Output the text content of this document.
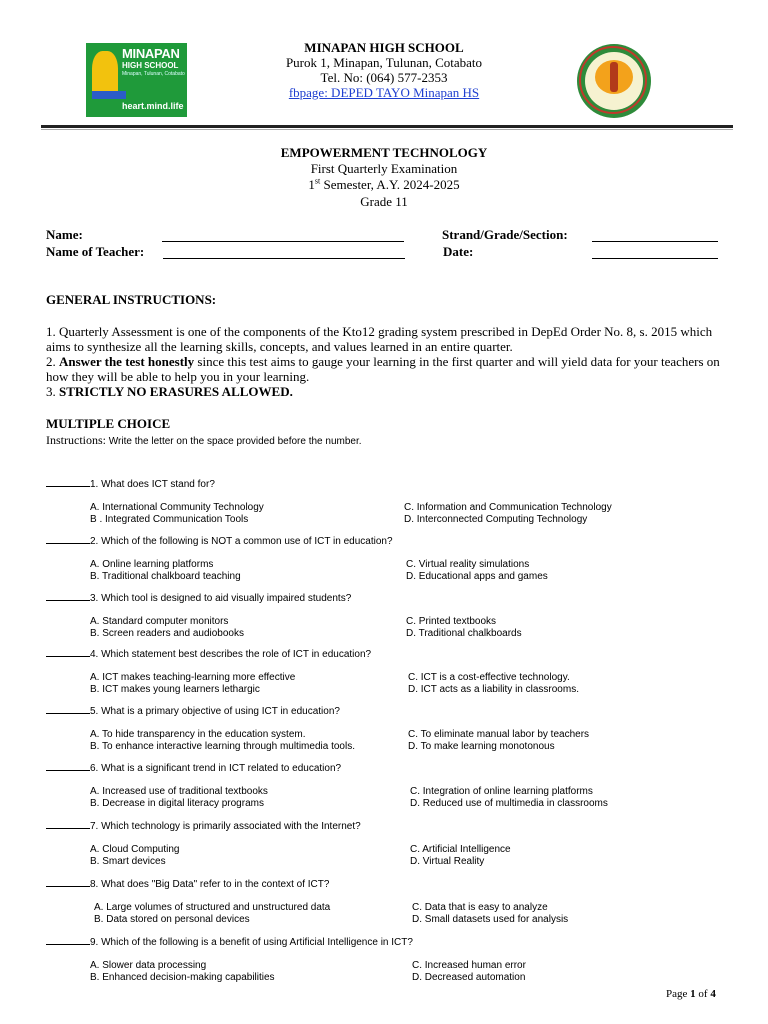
MINAPAN
HIGH SCHOOL
Minapan, Tulunan, Cotabato
heart.mind.life
MINAPAN HIGH SCHOOL
Purok 1, Minapan, Tulunan, Cotabato
Tel. No: (064) 577-2353
fbpage: DEPED TAYO Minapan HS
EMPOWERMENT TECHNOLOGY
First Quarterly Examination
1st Semester, A.Y. 2024-2025
Grade 11
Name:
Name of Teacher:
Strand/Grade/Section:
Date:
GENERAL INSTRUCTIONS:
1. Quarterly Assessment is one of the components of the Kto12 grading system prescribed in DepEd Order No. 8, s. 2015 which aims to synthesize all the learning skills, concepts, and values learned in an entire quarter.
2. Answer the test honestly since this test aims to gauge your learning in the first quarter and will yield data for your teachers on how they will be able to help you in your learning.
3. STRICTLY NO ERASURES ALLOWED.
MULTIPLE CHOICE
Instructions: Write the letter on the space provided before the number.
1. What does ICT stand for?
A. International Community Technology
B . Integrated Communication Tools
C. Information and Communication Technology
D. Interconnected Computing Technology
2. Which of the following is NOT a common use of ICT in education?
A. Online learning platforms
B. Traditional chalkboard teaching
C. Virtual reality simulations
D. Educational apps and games
3. Which tool is designed to aid visually impaired students?
A. Standard computer monitors
B. Screen readers and audiobooks
C. Printed textbooks
D. Traditional chalkboards
4. Which statement best describes the role of ICT in education?
A. ICT makes teaching-learning more effective
B. ICT makes young learners lethargic
C. ICT is a cost-effective technology.
D. ICT acts as a liability in classrooms.
5. What is a primary objective of using ICT in education?
A. To hide transparency in the education system.
B. To enhance interactive learning through multimedia tools.
C. To eliminate manual labor by teachers
D. To make learning monotonous
6. What is a significant trend in ICT related to education?
A. Increased use of traditional textbooks
B. Decrease in digital literacy programs
C. Integration of online learning platforms
D. Reduced use of multimedia in classrooms
7. Which technology is primarily associated with the Internet?
A. Cloud Computing
B. Smart devices
C. Artificial Intelligence
D. Virtual Reality
8. What does "Big Data" refer to in the context of ICT?
A. Large volumes of structured and unstructured data
B. Data stored on personal devices
C. Data that is easy to analyze
D. Small datasets used for analysis
9. Which of the following is a benefit of using Artificial Intelligence in ICT?
A. Slower data processing
B. Enhanced decision-making capabilities
C. Increased human error
D. Decreased automation
Page 1 of 4
